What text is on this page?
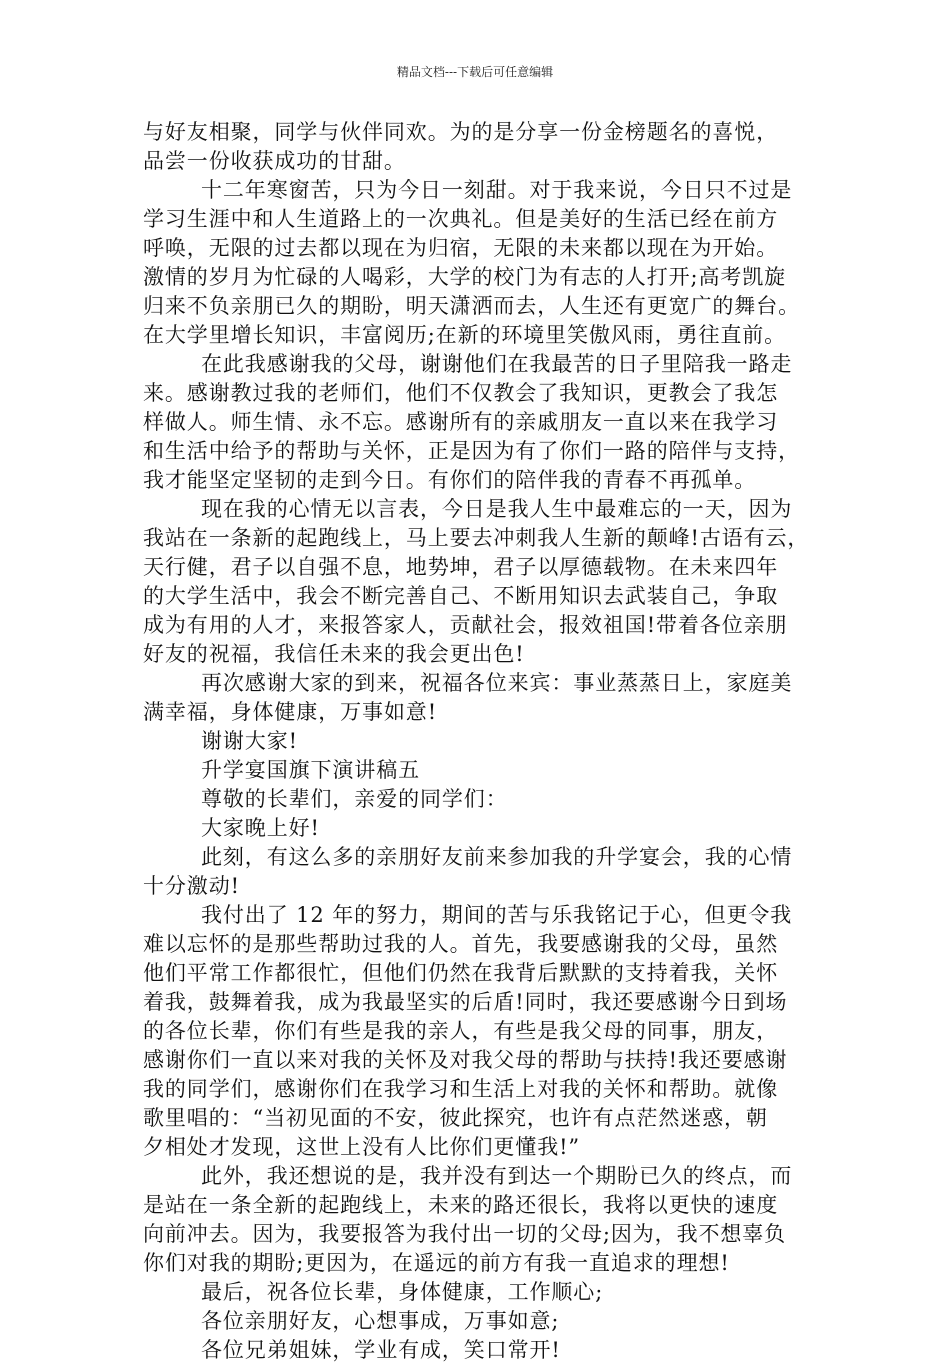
精品文档---下载后可任意编辑
与好友相聚，同学与伙伴同欢。为的是分享一份金榜题名的喜悦，
品尝一份收获成功的甘甜。
十二年寒窗苦，只为今日一刻甜。对于我来说，今日只不过是
学习生涯中和人生道路上的一次典礼。但是美好的生活已经在前方
呼唤，无限的过去都以现在为归宿，无限的未来都以现在为开始。
激情的岁月为忙碌的人喝彩，大学的校门为有志的人打开;高考凯旋
归来不负亲朋已久的期盼，明天潇洒而去，人生还有更宽广的舞台。
在大学里增长知识，丰富阅历;在新的环境里笑傲风雨，勇往直前。
在此我感谢我的父母，谢谢他们在我最苦的日子里陪我一路走
来。感谢教过我的老师们，他们不仅教会了我知识，更教会了我怎
样做人。师生情、永不忘。感谢所有的亲戚朋友一直以来在我学习
和生活中给予的帮助与关怀，正是因为有了你们一路的陪伴与支持，
我才能坚定坚韧的走到今日。有你们的陪伴我的青春不再孤单。
现在我的心情无以言表，今日是我人生中最难忘的一天，因为
我站在一条新的起跑线上，马上要去冲刺我人生新的颠峰!古语有云，
天行健，君子以自强不息，地势坤，君子以厚德载物。在未来四年
的大学生活中，我会不断完善自己、不断用知识去武装自己，争取
成为有用的人才，来报答家人，贡献社会，报效祖国!带着各位亲朋
好友的祝福，我信任未来的我会更出色!
再次感谢大家的到来，祝福各位来宾：事业蒸蒸日上，家庭美
满幸福，身体健康，万事如意!
谢谢大家!
升学宴国旗下演讲稿五
尊敬的长辈们，亲爱的同学们：
大家晚上好!
此刻，有这么多的亲朋好友前来参加我的升学宴会，我的心情
十分激动!
我付出了 12 年的努力，期间的苦与乐我铭记于心，但更令我
难以忘怀的是那些帮助过我的人。首先，我要感谢我的父母，虽然
他们平常工作都很忙，但他们仍然在我背后默默的支持着我，关怀
着我，鼓舞着我，成为我最坚实的后盾!同时，我还要感谢今日到场
的各位长辈，你们有些是我的亲人，有些是我父母的同事，朋友，
感谢你们一直以来对我的关怀及对我父母的帮助与扶持!我还要感谢
我的同学们，感谢你们在我学习和生活上对我的关怀和帮助。就像
歌里唱的：“当初见面的不安，彼此探究，也许有点茫然迷惑，朝
夕相处才发现，这世上没有人比你们更懂我!”
此外，我还想说的是，我并没有到达一个期盼已久的终点，而
是站在一条全新的起跑线上，未来的路还很长，我将以更快的速度
向前冲去。因为，我要报答为我付出一切的父母;因为，我不想辜负
你们对我的期盼;更因为，在遥远的前方有我一直追求的理想!
最后，祝各位长辈，身体健康，工作顺心;
各位亲朋好友，心想事成，万事如意;
各位兄弟姐妹，学业有成，笑口常开!
